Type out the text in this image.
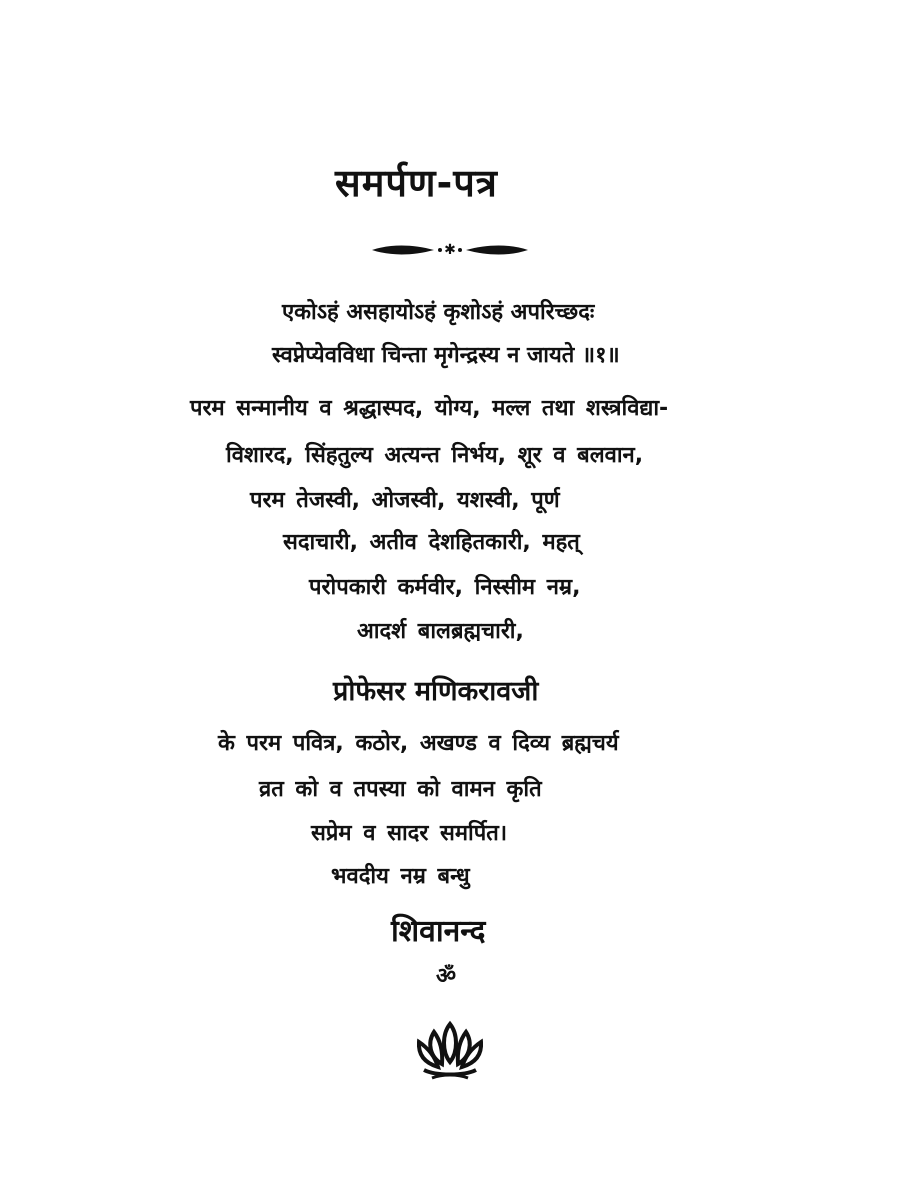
समर्पण-पत्र
✱
एकोऽहं असहायोऽहं कृशोऽहं अपरिच्छदः
स्वप्नेप्येवविधा चिन्ता मृगेन्द्रस्य न जायते ॥१॥
परम सन्मानीय व श्रद्धास्पद, योग्य, मल्ल तथा शस्त्रविद्या-
विशारद, सिंहतुल्य अत्यन्त निर्भय, शूर व बलवान,
परम तेजस्वी, ओजस्वी, यशस्वी, पूर्ण
सदाचारी, अतीव देशहितकारी, महत्
परोपकारी कर्मवीर, निस्सीम नम्र,
आदर्श बालब्रह्मचारी,
प्रोफेसर मणिकरावजी
के परम पवित्र, कठोर, अखण्ड व दिव्य ब्रह्मचर्य
व्रत को व तपस्या को वामन कृति
सप्रेम व सादर समर्पित।
भवदीय नम्र बन्धु
शिवानन्द
ॐ
